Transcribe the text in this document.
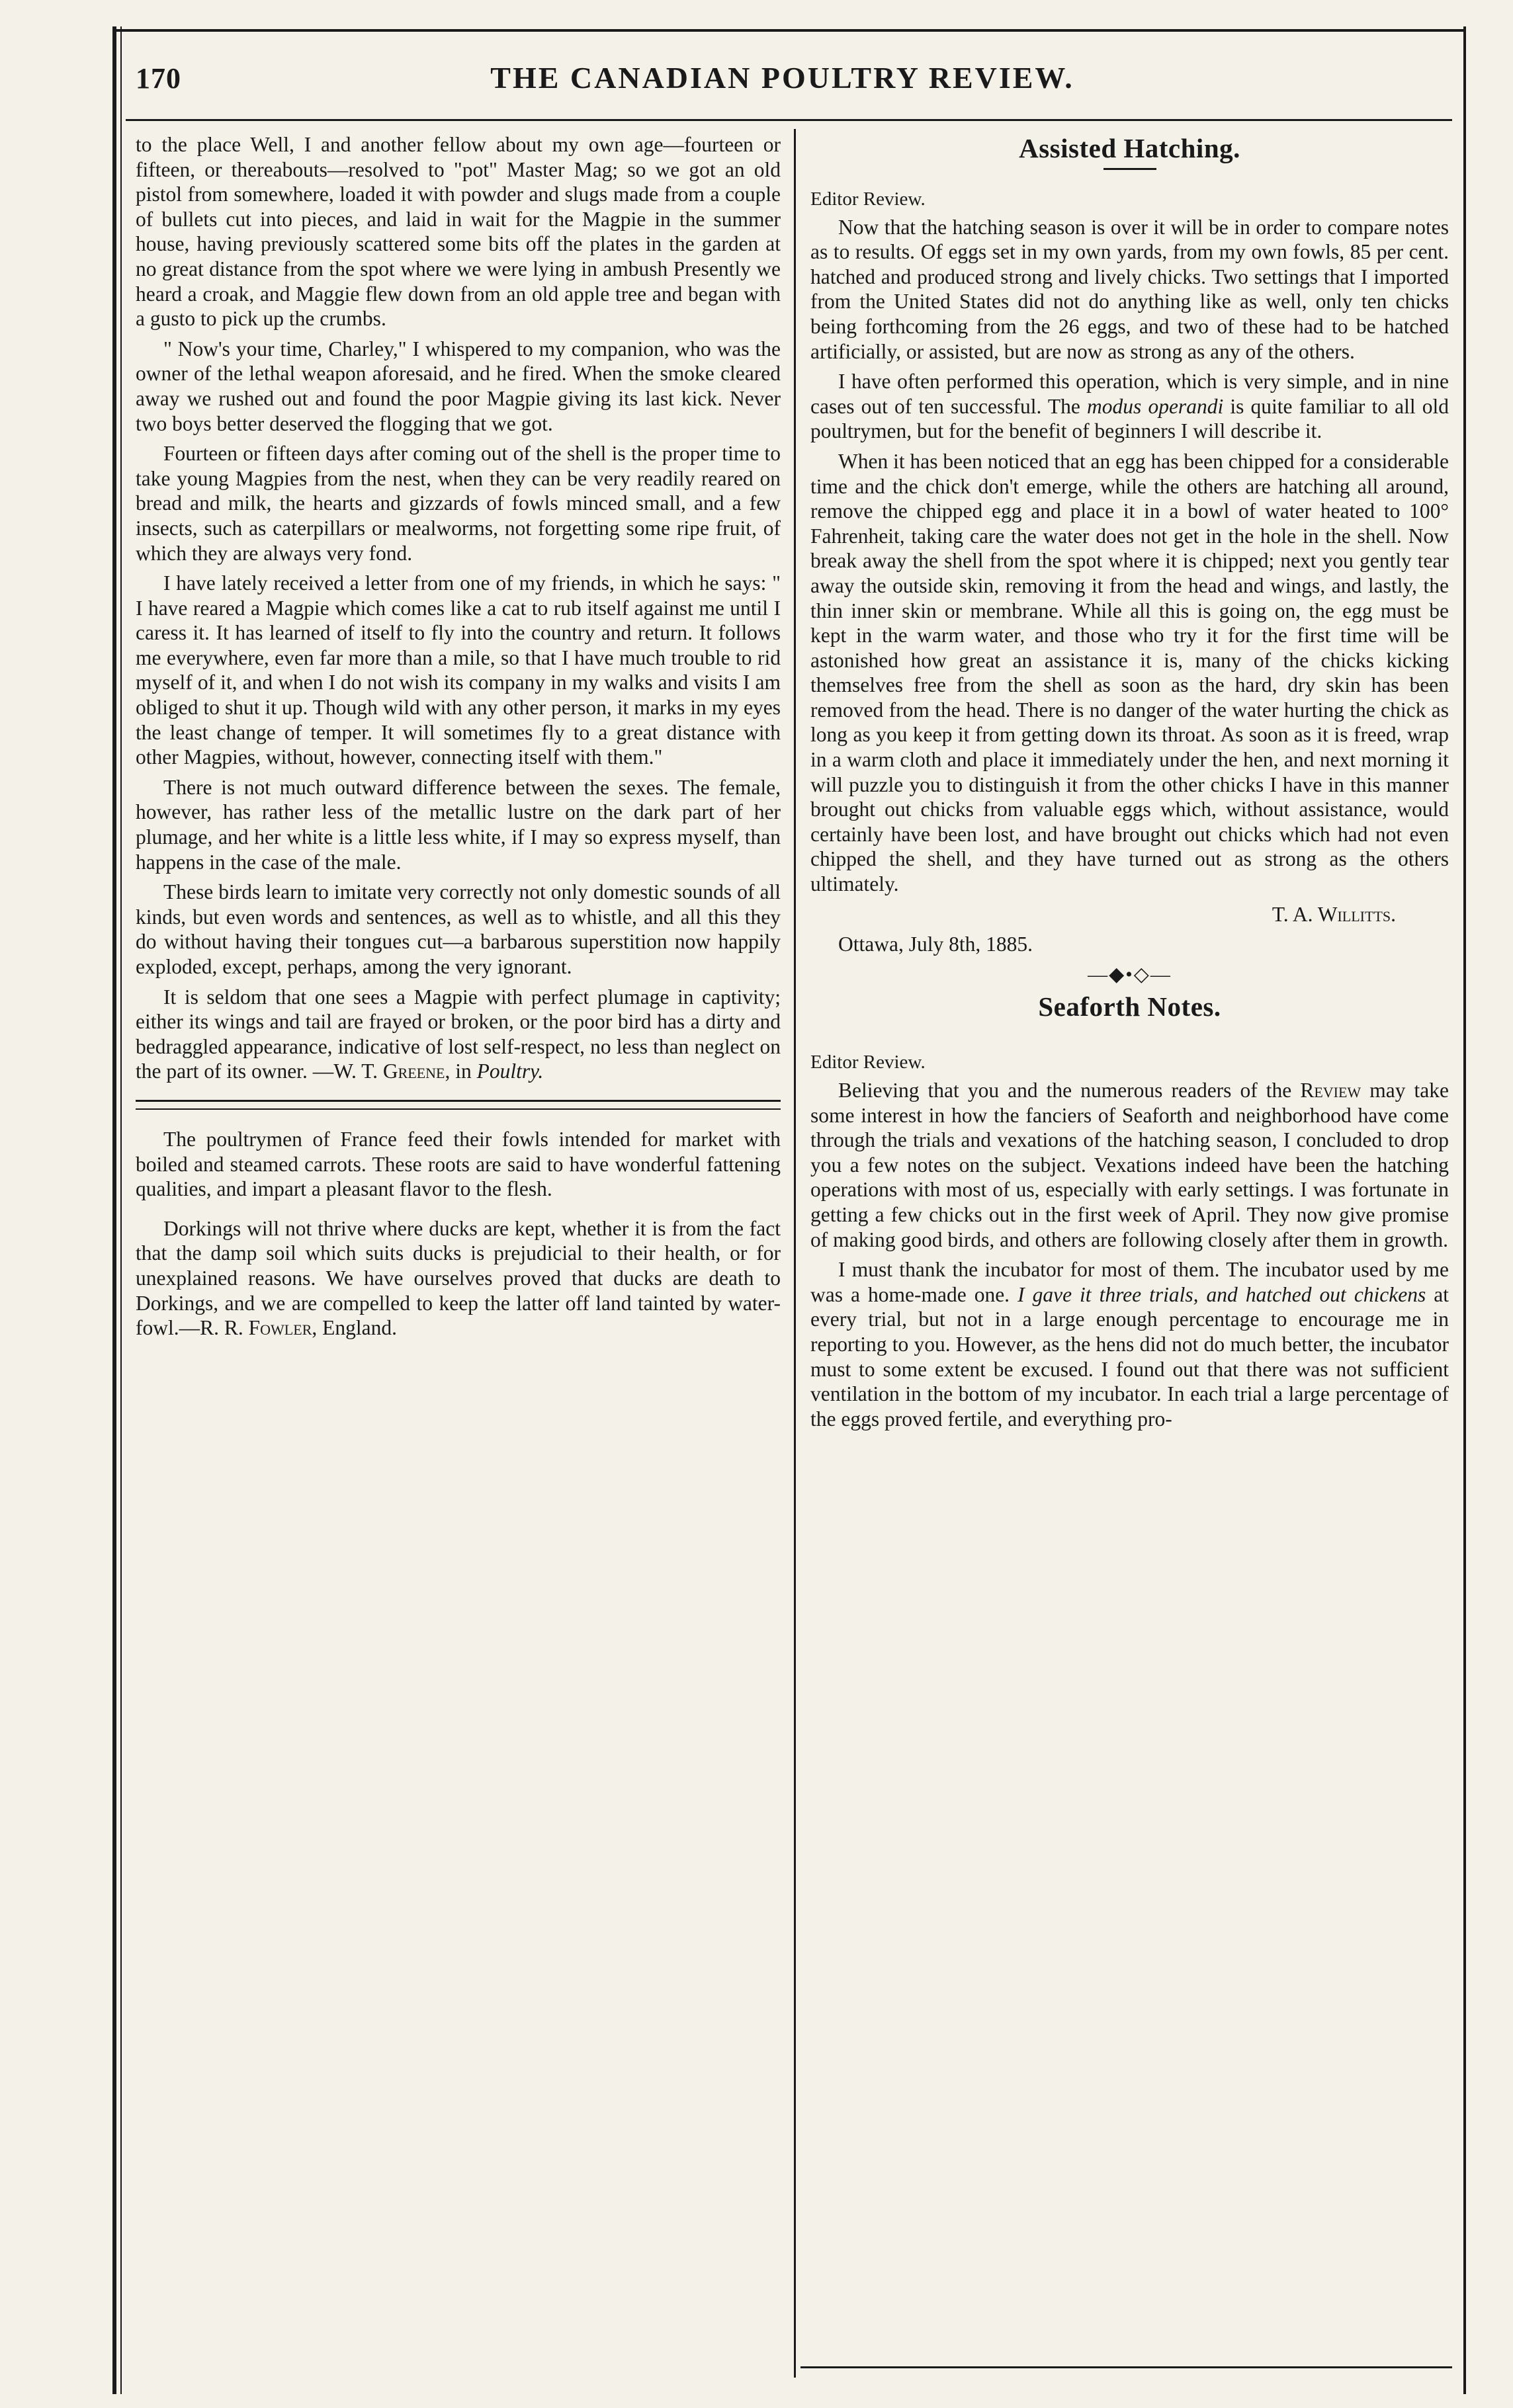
170	THE CANADIAN POULTRY REVIEW.

to the place Well, I and another fellow about my own age—fourteen or fifteen, or thereabouts—resolved to "pot" Master Mag; so we got an old pistol from somewhere, loaded it with powder and slugs made from a couple of bullets cut into pieces, and laid in wait for the Magpie in the summer house, having previously scattered some bits off the plates in the garden at no great distance from the spot where we were lying in ambush Presently we heard a croak, and Maggie flew down from an old apple tree and began with a gusto to pick up the crumbs.

" Now's your time, Charley," I whispered to my companion, who was the owner of the lethal weapon aforesaid, and he fired. When the smoke cleared away we rushed out and found the poor Magpie giving its last kick. Never two boys better deserved the flogging that we got.

Fourteen or fifteen days after coming out of the shell is the proper time to take young Magpies from the nest, when they can be very readily reared on bread and milk, the hearts and gizzards of fowls minced small, and a few insects, such as caterpillars or mealworms, not forgetting some ripe fruit, of which they are always very fond.

I have lately received a letter from one of my friends, in which he says: " I have reared a Magpie which comes like a cat to rub itself against me until I caress it. It has learned of itself to fly into the country and return. It follows me everywhere, even far more than a mile, so that I have much trouble to rid myself of it, and when I do not wish its company in my walks and visits I am obliged to shut it up. Though wild with any other person, it marks in my eyes the least change of temper. It will sometimes fly to a great distance with other Magpies, without, however, connecting itself with them."

There is not much outward difference between the sexes. The female, however, has rather less of the metallic lustre on the dark part of her plumage, and her white is a little less white, if I may so express myself, than happens in the case of the male.

These birds learn to imitate very correctly not only domestic sounds of all kinds, but even words and sentences, as well as to whistle, and all this they do without having their tongues cut—a barbarous superstition now happily exploded, except, perhaps, among the very ignorant.

It is seldom that one sees a Magpie with perfect plumage in captivity; either its wings and tail are frayed or broken, or the poor bird has a dirty and bedraggled appearance, indicative of lost self-respect, no less than neglect on the part of its owner. —W. T. Greene, in Poultry.

The poultrymen of France feed their fowls intended for market with boiled and steamed carrots. These roots are said to have wonderful fattening qualities, and impart a pleasant flavor to the flesh.

Dorkings will not thrive where ducks are kept, whether it is from the fact that the damp soil which suits ducks is prejudicial to their health, or for unexplained reasons. We have ourselves proved that ducks are death to Dorkings, and we are compelled to keep the latter off land tainted by water-fowl.—R. R. Fowler, England.

Assisted Hatching.

Editor Review.

Now that the hatching season is over it will be in order to compare notes as to results. Of eggs set in my own yards, from my own fowls, 85 per cent. hatched and produced strong and lively chicks. Two settings that I imported from the United States did not do anything like as well, only ten chicks being forthcoming from the 26 eggs, and two of these had to be hatched artificially, or assisted, but are now as strong as any of the others.

I have often performed this operation, which is very simple, and in nine cases out of ten successful. The modus operandi is quite familiar to all old poultrymen, but for the benefit of beginners I will describe it.

When it has been noticed that an egg has been chipped for a considerable time and the chick don't emerge, while the others are hatching all around, remove the chipped egg and place it in a bowl of water heated to 100° Fahrenheit, taking care the water does not get in the hole in the shell. Now break away the shell from the spot where it is chipped; next you gently tear away the outside skin, removing it from the head and wings, and lastly, the thin inner skin or membrane. While all this is going on, the egg must be kept in the warm water, and those who try it for the first time will be astonished how great an assistance it is, many of the chicks kicking themselves free from the shell as soon as the hard, dry skin has been removed from the head. There is no danger of the water hurting the chick as long as you keep it from getting down its throat. As soon as it is freed, wrap in a warm cloth and place it immediately under the hen, and next morning it will puzzle you to distinguish it from the other chicks I have in this manner brought out chicks from valuable eggs which, without assistance, would certainly have been lost, and have brought out chicks which had not even chipped the shell, and they have turned out as strong as the others ultimately.

T. A. Willitts.

Ottawa, July 8th, 1885.

—◆•◇—
Seaforth Notes.

Editor Review.

Believing that you and the numerous readers of the Review may take some interest in how the fanciers of Seaforth and neighborhood have come through the trials and vexations of the hatching season, I concluded to drop you a few notes on the subject. Vexations indeed have been the hatching operations with most of us, especially with early settings. I was fortunate in getting a few chicks out in the first week of April. They now give promise of making good birds, and others are following closely after them in growth.

I must thank the incubator for most of them. The incubator used by me was a home-made one. I gave it three trials, and hatched out chickens at every trial, but not in a large enough percentage to encourage me in reporting to you. However, as the hens did not do much better, the incubator must to some extent be excused. I found out that there was not sufficient ventilation in the bottom of my incubator. In each trial a large percentage of the eggs proved fertile, and everything pro-
